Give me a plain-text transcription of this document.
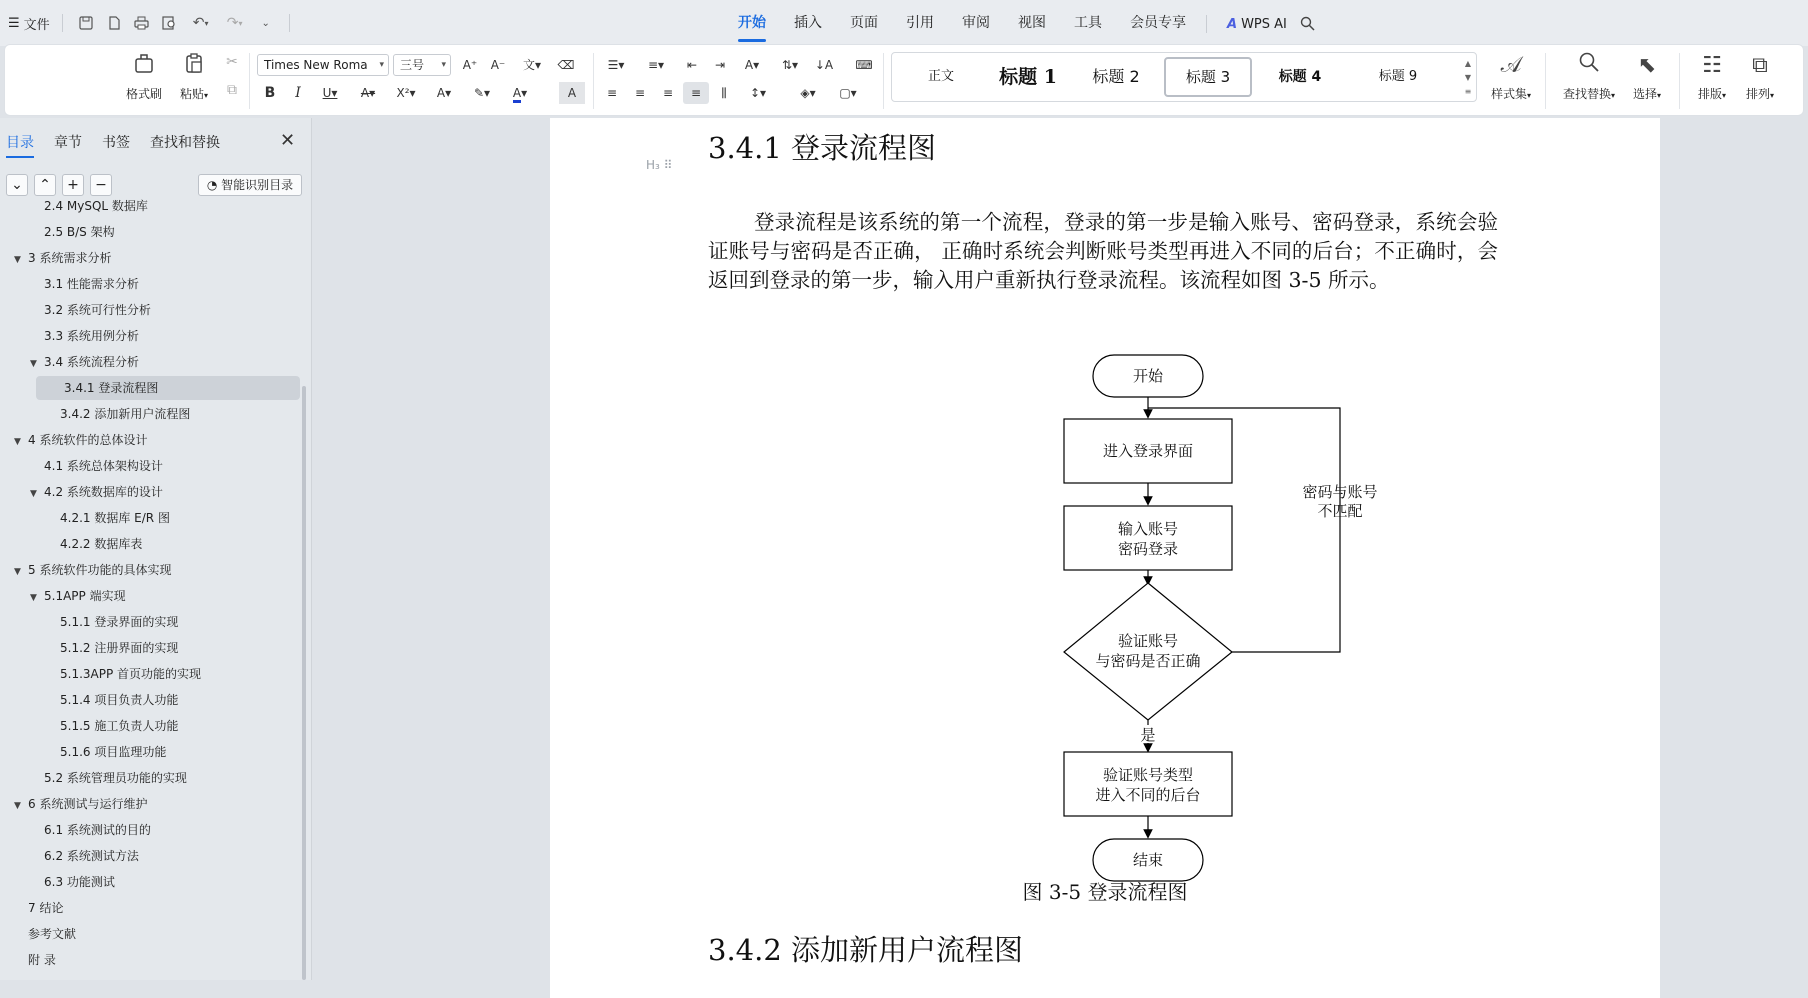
☰ 文件	↶ ▾	↷ ▾	⌄	开始	插入	页面	引用	审阅	视图	工具	会员专享	A WPS AI
格式刷	粘贴▾
✂
⧉
Times New Roma ▾	三号 ▾	A⁺	A⁻	文▾	⌫
B	I	U▾	A▾	X²▾	A▾	✎▾	A▾	A
☰▾	≡▾	⇤	⇥	A▾	⇅▾	↓A	⌨
≡	≡	≡	≡	⫼	↕▾	◈▾	▢▾
正文	标题 1	标题 2	标题 3	标题 4	标题 9
▲
▼
≡
𝒜
样式集▾	查找替换▾
⬉
选择▾
☷
排版▾
⧉
排列▾
目录 章节 书签 查找和替换	✕
⌄	⌃	+	−	◔ 智能识别目录
2.4 MySQL 数据库
2.5 B/S 架构
▼ 3 系统需求分析
3.1 性能需求分析
3.2 系统可行性分析
3.3 系统用例分析
▼ 3.4 系统流程分析
3.4.1 登录流程图
3.4.2 添加新用户流程图
▼ 4 系统软件的总体设计
4.1 系统总体架构设计
▼ 4.2 系统数据库的设计
4.2.1 数据库 E/R 图
4.2.2 数据库表
▼ 5 系统软件功能的具体实现
▼ 5.1APP 端实现
5.1.1 登录界面的实现
5.1.2 注册界面的实现
5.1.3APP 首页功能的实现
5.1.4 项目负责人功能
5.1.5 施工负责人功能
5.1.6 项目监理功能
5.2 系统管理员功能的实现
▼ 6 系统测试与运行维护
6.1 系统测试的目的
6.2 系统测试方法
6.3 功能测试
7 结论
参考文献
附 录
H₃ ⠿ 3.4.1 登录流程图
登录流程是该系统的第一个流程，登录的第一步是输入账号、密码登录，系统会验证账号与密码是否正确， 正确时系统会判断账号类型再进入不同的后台；不正确时，会返回到登录的第一步，输入用户重新执行登录流程。该流程如图 3-5 所示。
开始
进入登录界面
输入账号
密码登录
验证账号
与密码是否正确
密码与账号
不匹配
是
验证账号类型
进入不同的后台
结束
图 3-5 登录流程图
3.4.2 添加新用户流程图
